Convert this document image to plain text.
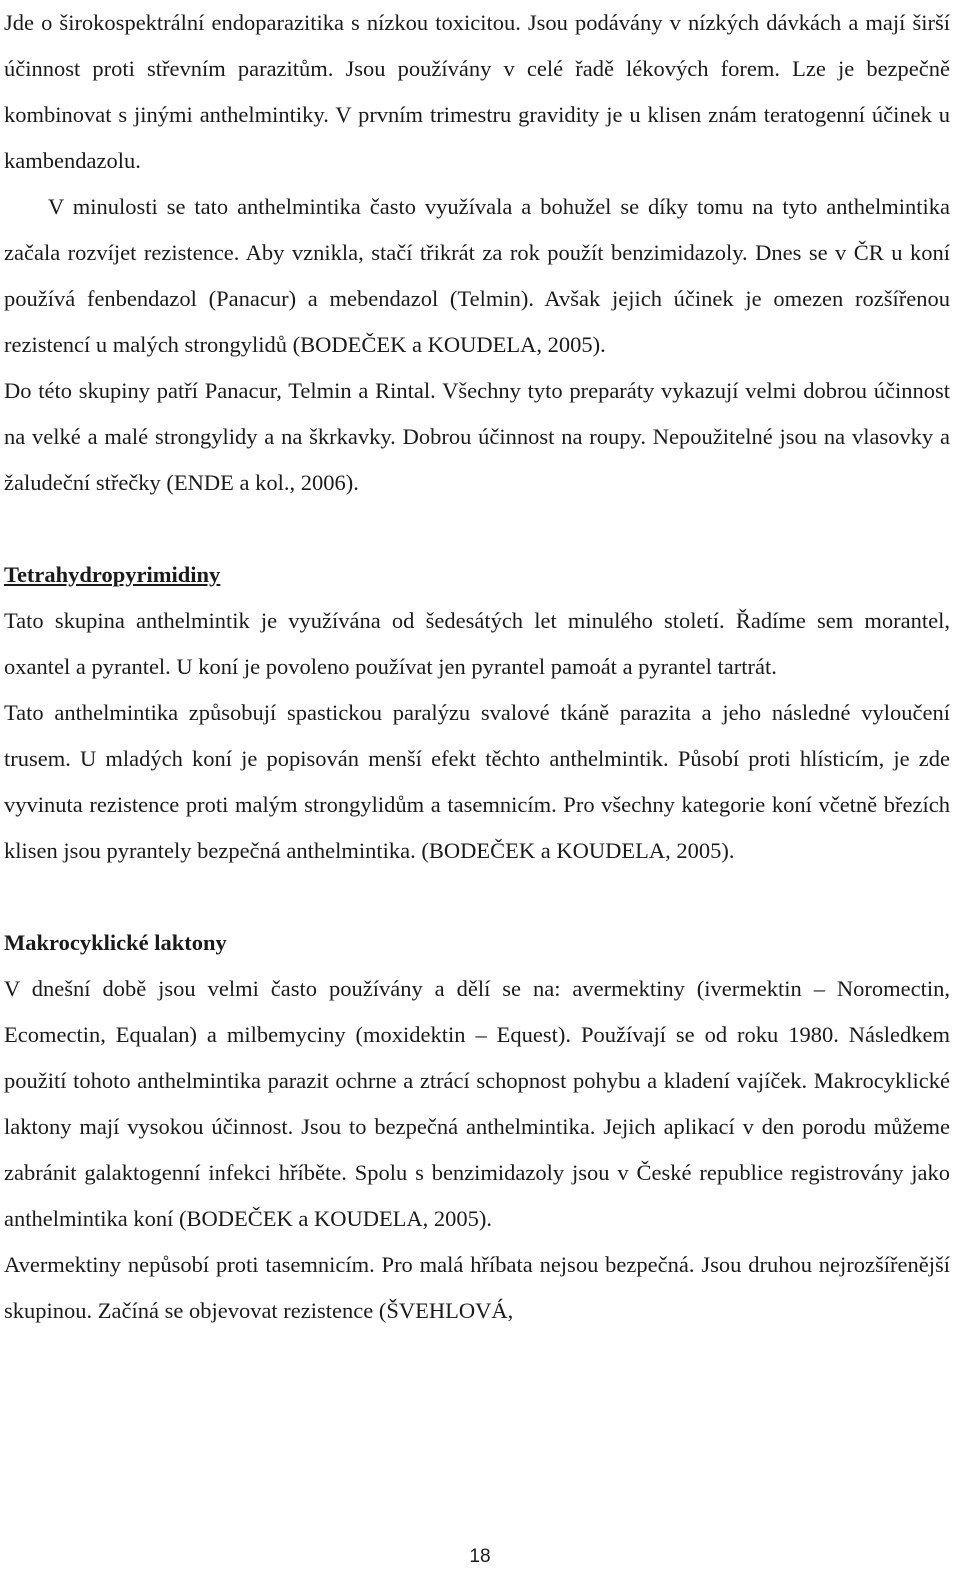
Jde o širokospektrální endoparazitika s nízkou toxicitou. Jsou podávány v nízkých dávkách a mají širší účinnost proti střevním parazitům. Jsou používány v celé řadě lékových forem. Lze je bezpečně kombinovat s jinými anthelmintiky. V prvním trimestru gravidity je u klisen znám teratogenní účinek u kambendazolu.

V minulosti se tato anthelmintika často využívala a bohužel se díky tomu na tyto anthelmintika začala rozvíjet rezistence. Aby vznikla, stačí třikrát za rok použít benzimidazoly. Dnes se v ČR u koní používá fenbendazol (Panacur) a mebendazol (Telmin). Avšak jejich účinek je omezen rozšířenou rezistencí u malých strongylidů (BODEČEK a KOUDELA, 2005).

Do této skupiny patří Panacur, Telmin a Rintal. Všechny tyto preparáty vykazují velmi dobrou účinnost na velké a malé strongylidy a na škrkavky. Dobrou účinnost na roupy. Nepoužitelné jsou na vlasovky a žaludeční střečky (ENDE a kol., 2006).

Tetrahydropyrimidiny

Tato skupina anthelmintik je využívána od šedesátých let minulého století. Řadíme sem morantel, oxantel a pyrantel. U koní je povoleno používat jen pyrantel pamoát a pyrantel tartrát.

Tato anthelmintika způsobují spastickou paralýzu svalové tkáně parazita a jeho následné vyloučení trusem. U mladých koní je popisován menší efekt těchto anthelmintik. Působí proti hlísticím, je zde vyvinuta rezistence proti malým strongylidům a tasemnicím. Pro všechny kategorie koní včetně březích klisen jsou pyrantely bezpečná anthelmintika. (BODEČEK a KOUDELA, 2005).

Makrocyklické laktony

V dnešní době jsou velmi často používány a dělí se na: avermektiny (ivermektin – Noromectin, Ecomectin, Equalan) a milbemyciny (moxidektin – Equest). Používají se od roku 1980. Následkem použití tohoto anthelmintika parazit ochrne a ztrácí schopnost pohybu a kladení vajíček. Makrocyklické laktony mají vysokou účinnost. Jsou to bezpečná anthelmintika. Jejich aplikací v den porodu můžeme zabránit galaktogenní infekci hříběte. Spolu s benzimidazoly jsou v České republice registrovány jako anthelmintika koní (BODEČEK a KOUDELA, 2005).

Avermektiny nepůsobí proti tasemnicím. Pro malá hříbata nejsou bezpečná. Jsou druhou nejrozšířenější skupinou. Začíná se objevovat rezistence (ŠVEHLOVÁ,

18
